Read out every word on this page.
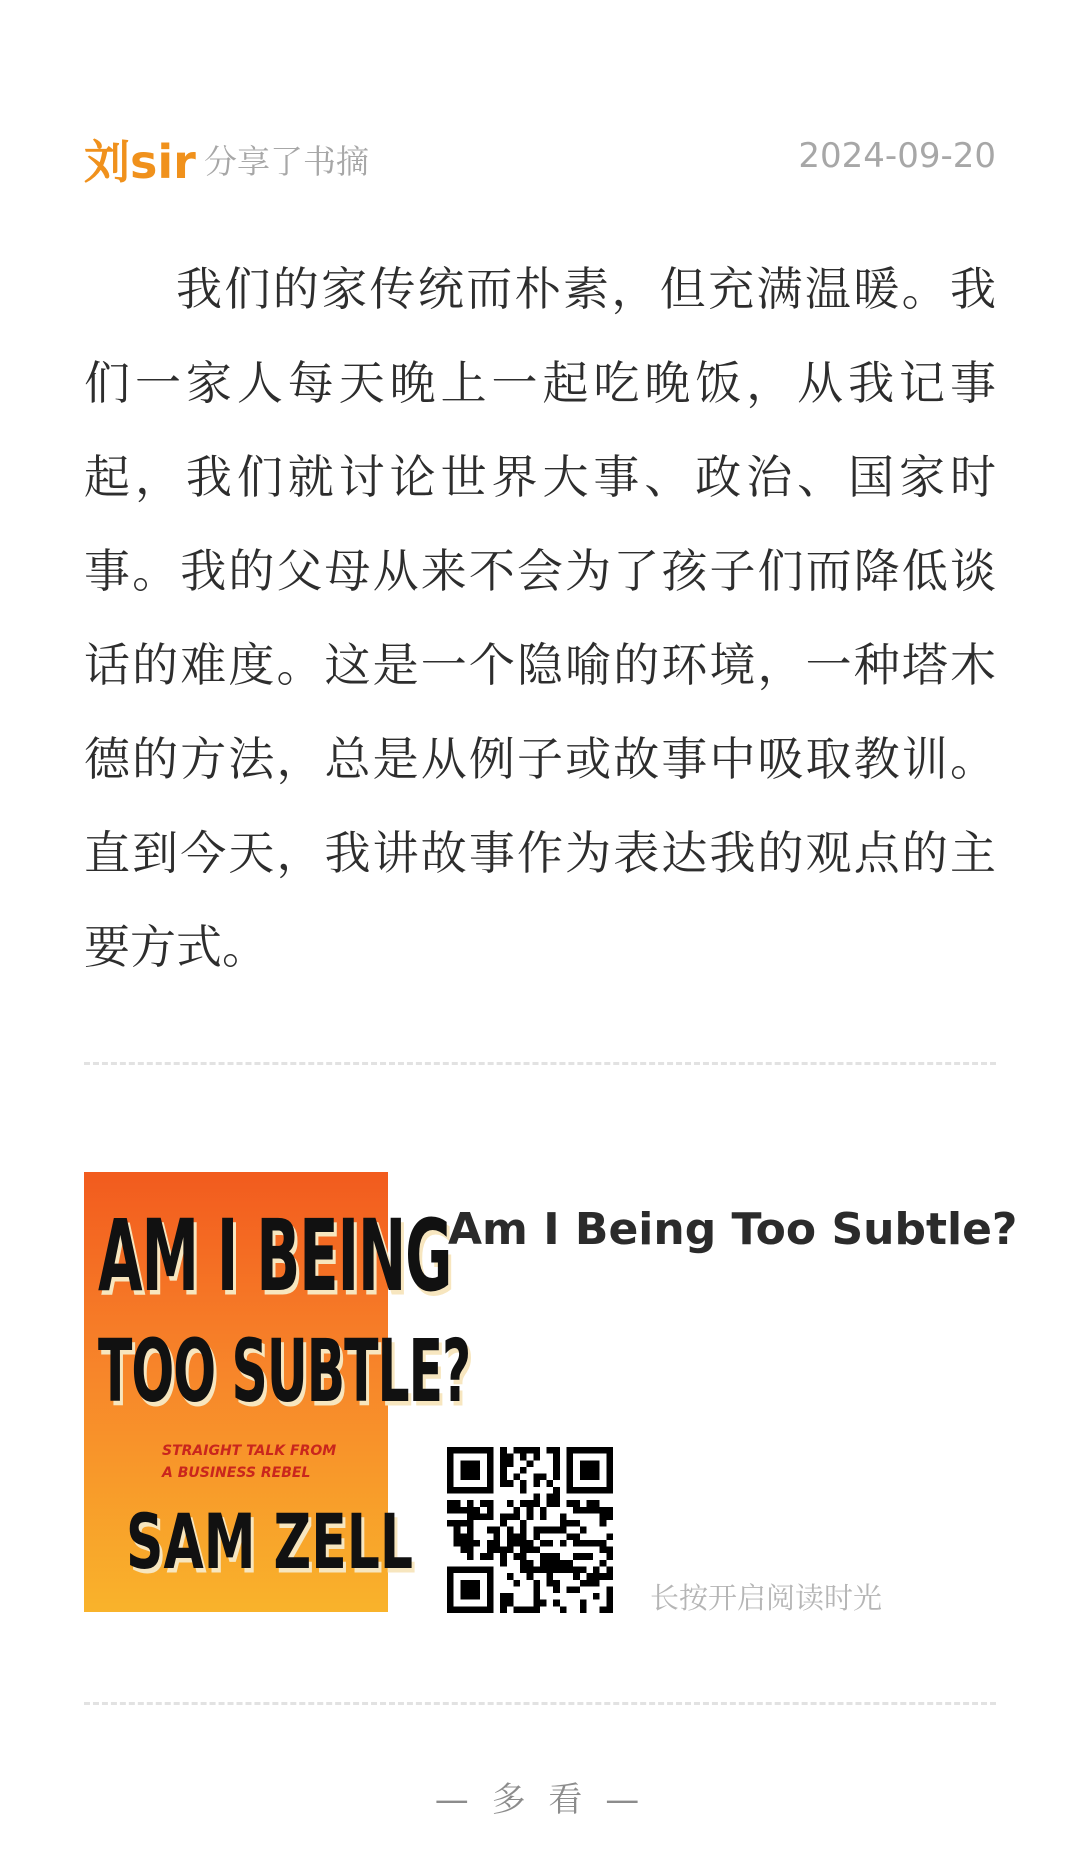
刘sir 分享了书摘	2024-09-20

我们的家传统而朴素，但充满温暖。我们一家人每天晚上一起吃晚饭，从我记事起，我们就讨论世界大事、政治、国家时事。我的父母从来不会为了孩子们而降低谈话的难度。这是一个隐喻的环境，一种塔木德的方法，总是从例子或故事中吸取教训。直到今天，我讲故事作为表达我的观点的主要方式。

AM I BEING
TOO SUBTLE?
STRAIGHT TALK FROM
A BUSINESS REBEL
SAM ZELL
Am I Being Too Subtle?
长按开启阅读时光
— 多 看 —
